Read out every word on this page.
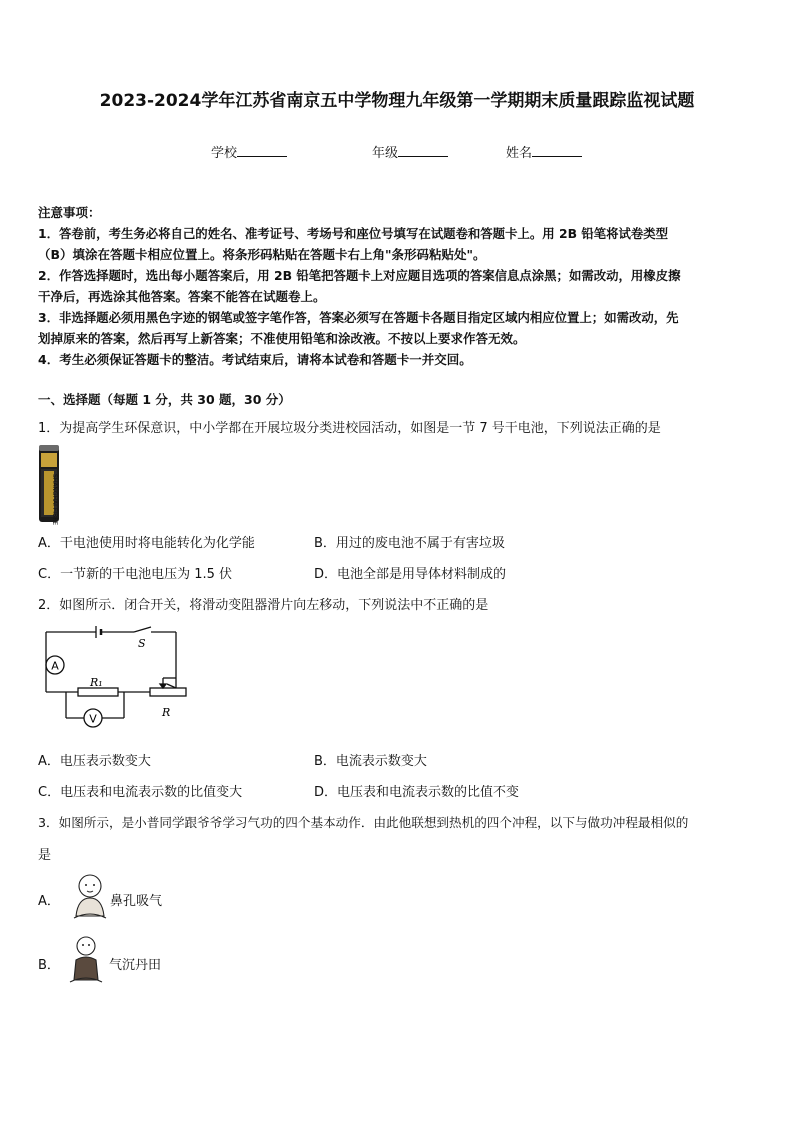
2023-2024学年江苏省南京五中学物理九年级第一学期期末质量跟踪监视试题
学校	年级	姓名
注意事项：
1．答卷前，考生务必将自己的姓名、准考证号、考场号和座位号填写在试题卷和答题卡上。用 2B 铅笔将试卷类型
（B）填涂在答题卡相应位置上。将条形码粘贴在答题卡右上角"条形码粘贴处"。
2．作答选择题时，选出每小题答案后，用 2B 铅笔把答题卡上对应题目选项的答案信息点涂黑；如需改动，用橡皮擦
干净后，再选涂其他答案。答案不能答在试题卷上。
3．非选择题必须用黑色字迹的钢笔或签字笔作答，答案必须写在答题卡各题目指定区域内相应位置上；如需改动，先
划掉原来的答案，然后再写上新答案；不准使用铅笔和涂改液。不按以上要求作答无效。
4．考生必须保证答题卡的整洁。考试结束后，请将本试卷和答题卡一并交回。
一、选择题（每题 1 分，共 30 题，30 分）
1．为提高学生环保意识，中小学都在开展垃圾分类进校园活动，如图是一节 7 号干电池，下列说法正确的是
SHANGHAI FIBRE
A．干电池使用时将电能转化为化学能	B．用过的废电池不属于有害垃圾
C．一节新的干电池电压为 1.5 伏	D．电池全部是用导体材料制成的
2．如图所示．闭合开关，将滑动变阻器滑片向左移动，下列说法中不正确的是
A
V
S
R₁
R
A．电压表示数变大	B．电流表示数变大
C．电压表和电流表示数的比值变大	D．电压表和电流表示数的比值不变
3．如图所示，是小普同学跟爷爷学习气功的四个基本动作．由此他联想到热机的四个冲程，以下与做功冲程最相似的
是
A．	鼻孔吸气
B．	气沉丹田
